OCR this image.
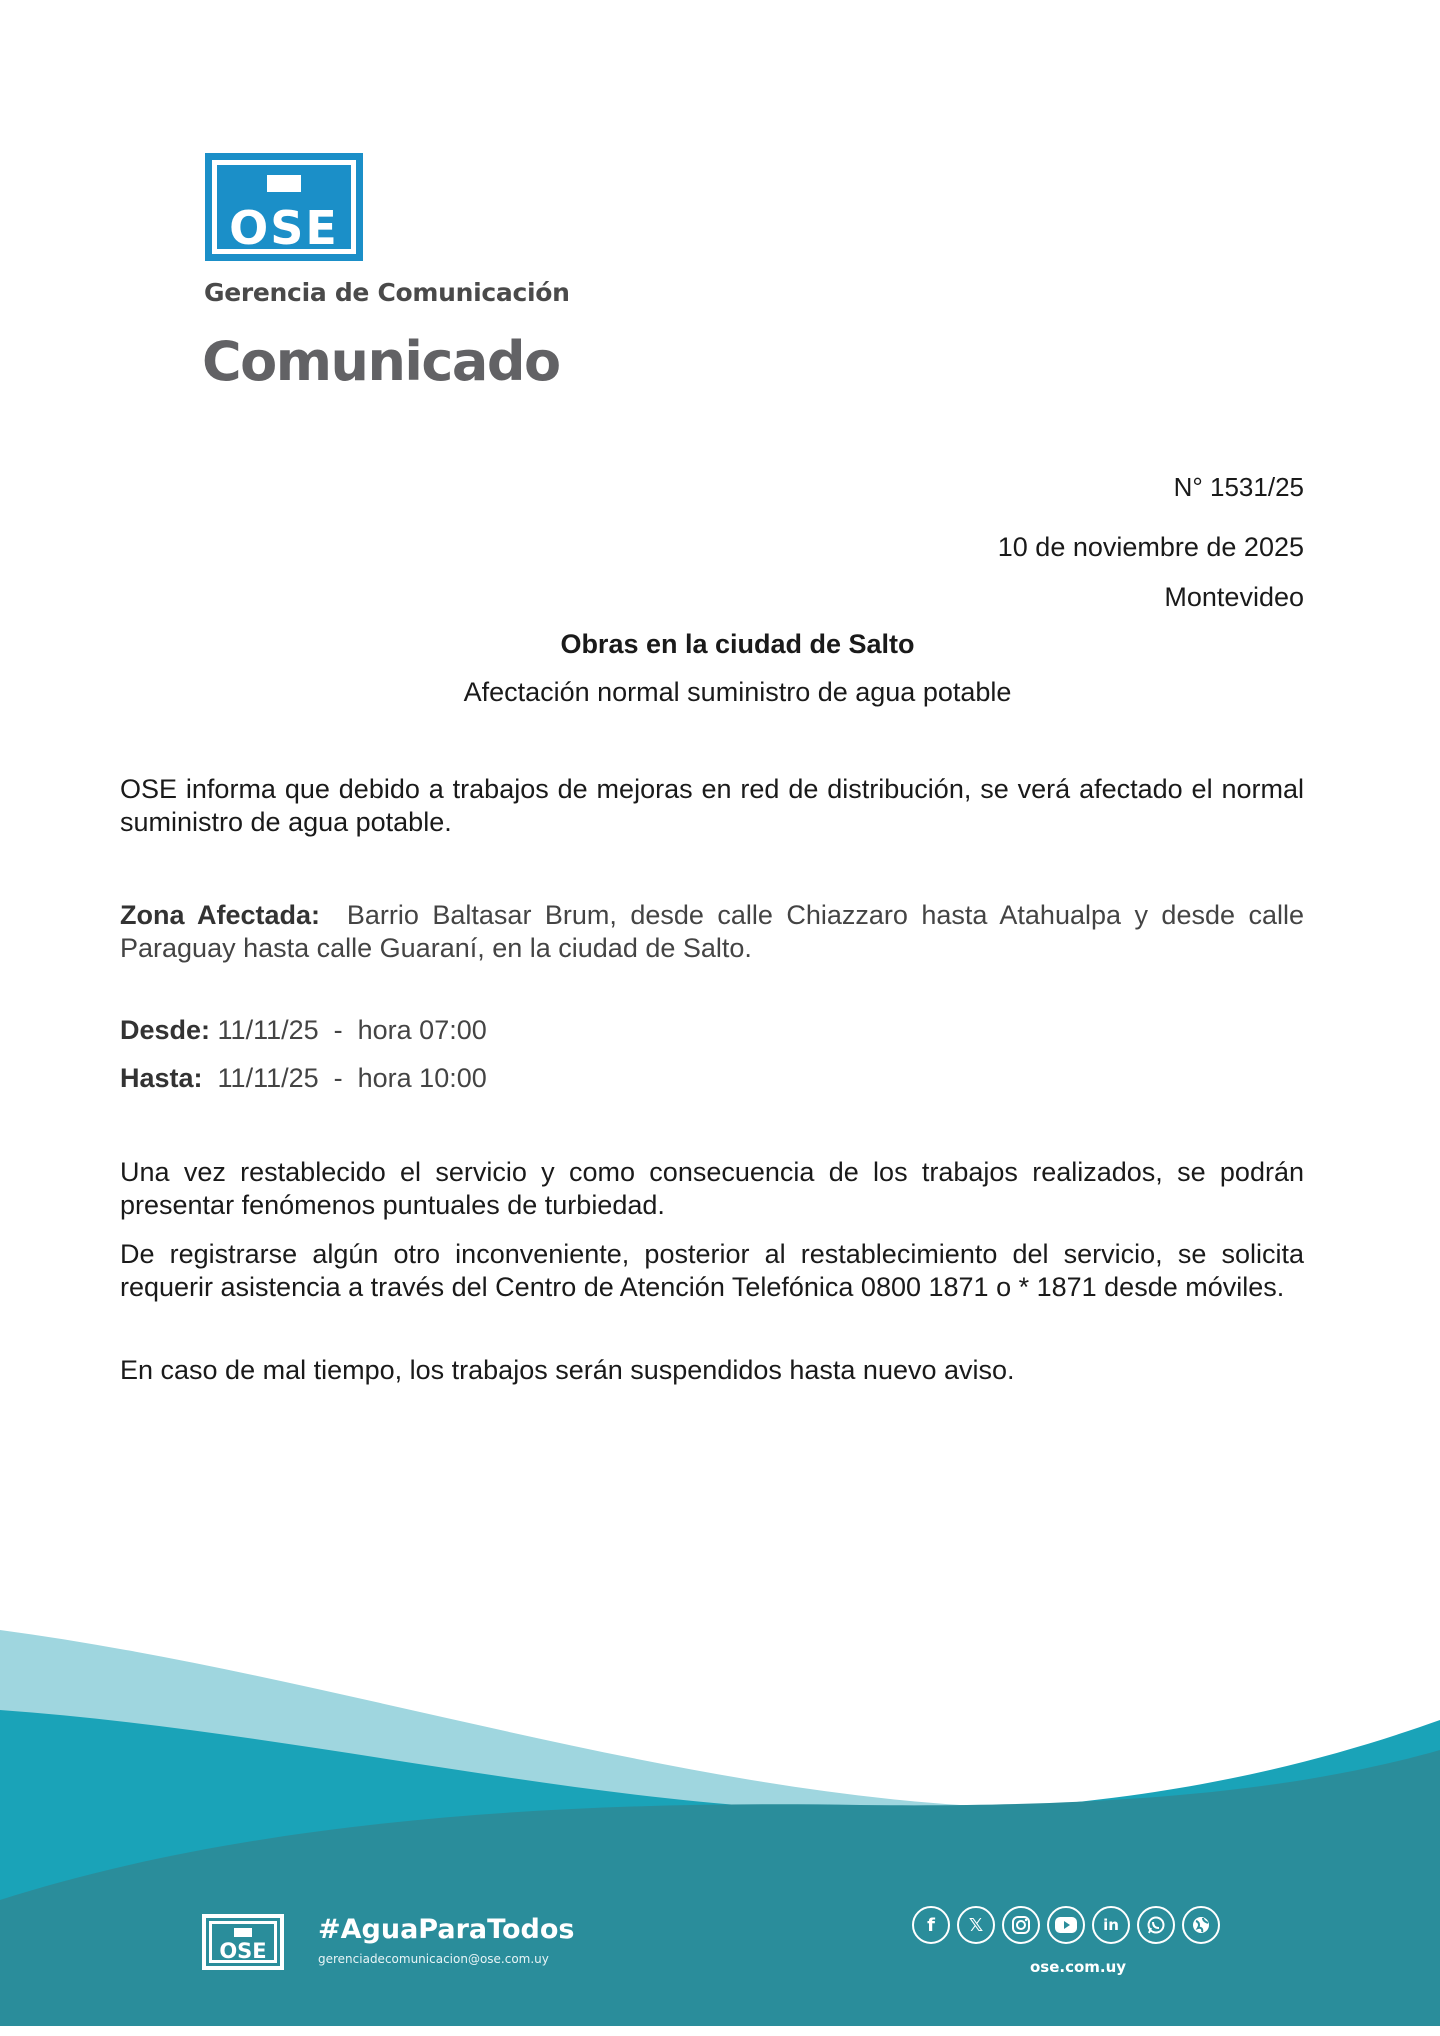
OSE
Gerencia de Comunicación
Comunicado
N° 1531/25
10 de noviembre de 2025
Montevideo
Obras en la ciudad de Salto
Afectación normal suministro de agua potable
OSE informa que debido a trabajos de mejoras en red de distribución, se verá afectado el normal suministro de agua potable.
Zona Afectada: Barrio Baltasar Brum, desde calle Chiazzaro hasta Atahualpa y desde calle Paraguay hasta calle Guaraní, en la ciudad de Salto.
Desde: 11/11/25  -  hora 07:00
Hasta: 11/11/25  -  hora 10:00
Una vez restablecido el servicio y como consecuencia de los trabajos realizados, se podrán presentar fenómenos puntuales de turbiedad.
De registrarse algún otro inconveniente, posterior al restablecimiento del servicio, se solicita requerir asistencia a través del Centro de Atención Telefónica 0800 1871 o * 1871 desde móviles.
En caso de mal tiempo, los trabajos serán suspendidos hasta nuevo aviso.
OSE
#AguaParaTodos
gerenciadecomunicacion@ose.com.uy
f	𝕏	in
ose.com.uy
